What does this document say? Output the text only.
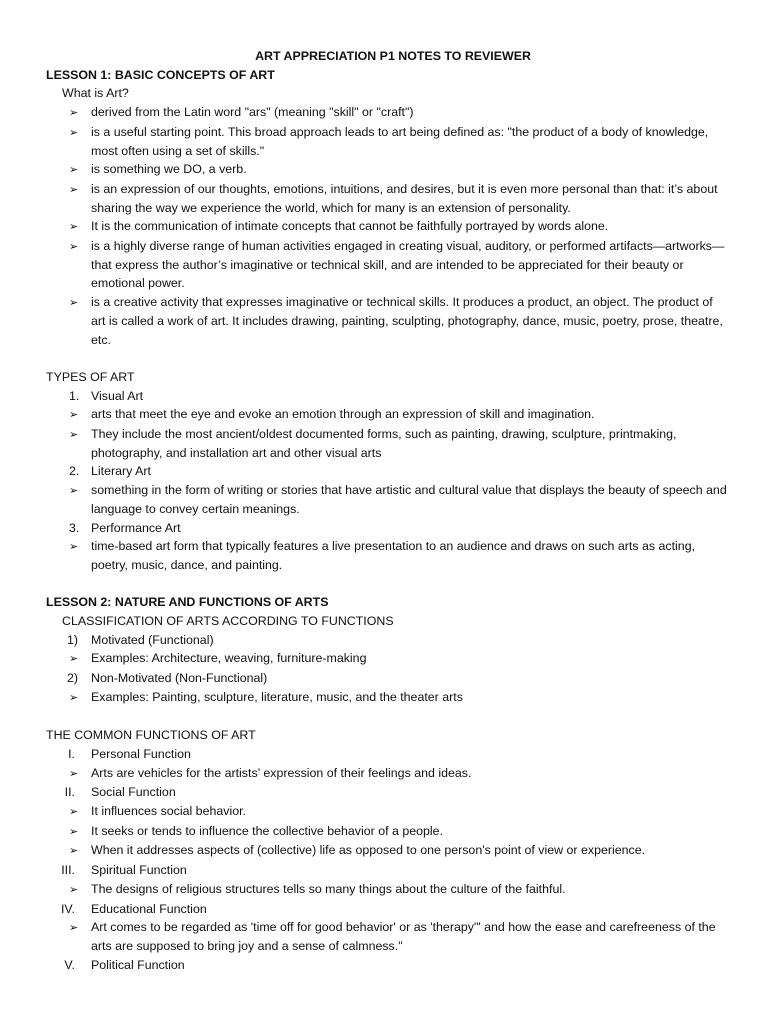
ART APPRECIATION P1 NOTES TO REVIEWER
LESSON 1: BASIC CONCEPTS OF ART
What is Art?
➢	derived from the Latin word "ars" (meaning "skill" or "craft")
➢	is a useful starting point. This broad approach leads to art being defined as: "the product of a body of knowledge, most often using a set of skills."
➢	is something we DO, a verb.
➢	is an expression of our thoughts, emotions, intuitions, and desires, but it is even more personal than that: it’s about sharing the way we experience the world, which for many is an extension of personality.
➢	It is the communication of intimate concepts that cannot be faithfully portrayed by words alone.
➢	is a highly diverse range of human activities engaged in creating visual, auditory, or performed artifacts—artworks—that express the author’s imaginative or technical skill, and are intended to be appreciated for their beauty or emotional power.
➢	is a creative activity that expresses imaginative or technical skills. It produces a product, an object. The product of art is called a work of art. It includes drawing, painting, sculpting, photography, dance, music, poetry, prose, theatre, etc.
TYPES OF ART
1. Visual Art
➢	arts that meet the eye and evoke an emotion through an expression of skill and imagination.
➢	They include the most ancient/oldest documented forms, such as painting, drawing, sculpture, printmaking, photography, and installation art and other visual arts
2. Literary Art
➢	something in the form of writing or stories that have artistic and cultural value that displays the beauty of speech and language to convey certain meanings.
3. Performance Art
➢	time-based art form that typically features a live presentation to an audience and draws on such arts as acting, poetry, music, dance, and painting.
LESSON 2: NATURE AND FUNCTIONS OF ARTS
CLASSIFICATION OF ARTS ACCORDING TO FUNCTIONS
1)	Motivated (Functional)
➢	Examples: Architecture, weaving, furniture-making
2)	Non-Motivated (Non-Functional)
➢	Examples: Painting, sculpture, literature, music, and the theater arts
THE COMMON FUNCTIONS OF ART
I.	Personal Function
➢	Arts are vehicles for the artists’ expression of their feelings and ideas.
II.	Social Function
➢	It influences social behavior.
➢	It seeks or tends to influence the collective behavior of a people.
➢	When it addresses aspects of (collective) life as opposed to one person's point of view or experience.
III.	Spiritual Function
➢	The designs of religious structures tells so many things about the culture of the faithful.
IV.	Educational Function
➢	Art comes to be regarded as 'time off for good behavior' or as 'therapy'" and how the ease and carefreeness of the arts are supposed to bring joy and a sense of calmness."
V.	Political Function
